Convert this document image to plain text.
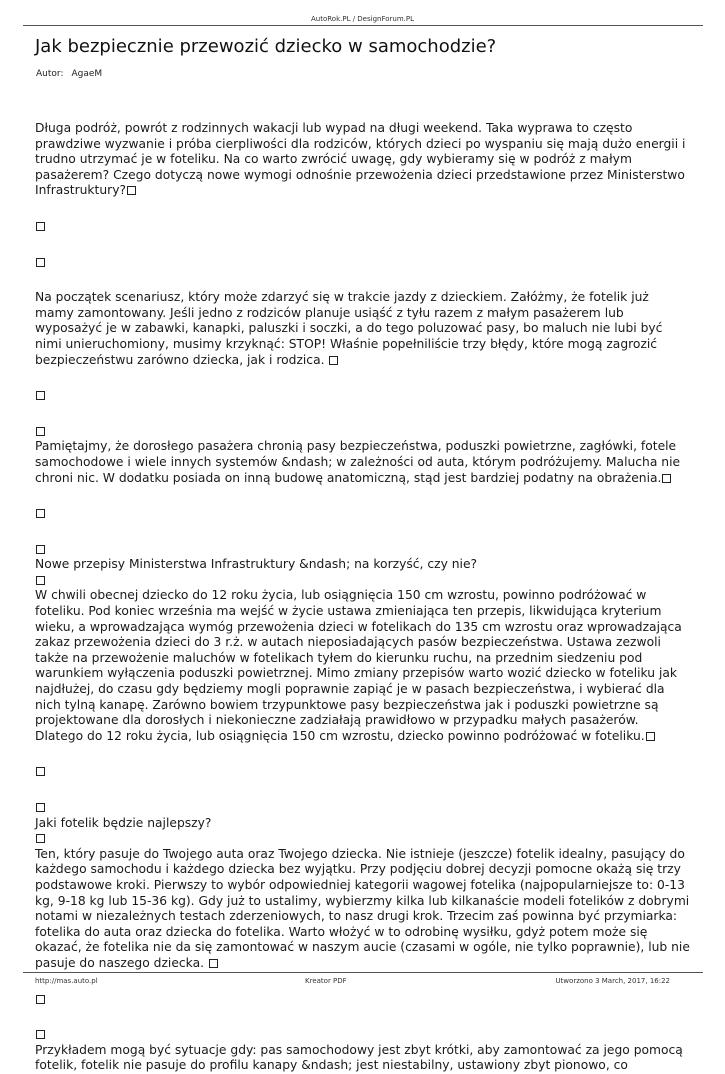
AutoRok.PL / DesignForum.PL
Jak bezpiecznie przewozić dziecko w samochodzie?
Autor: AgaeM

Długa podróż, powrót z rodzinnych wakacji lub wypad na długi weekend. Taka wyprawa to często prawdziwe wyzwanie i próba cierpliwości dla rodziców, których dzieci po wyspaniu się mają dużo energii i trudno utrzymać je w foteliku. Na co warto zwrócić uwagę, gdy wybieramy się w podróż z małym pasażerem? Czego dotyczą nowe wymogi odnośnie przewożenia dzieci przedstawione przez Ministerstwo Infrastruktury?

Na początek scenariusz, który może zdarzyć się w trakcie jazdy z dzieckiem. Załóżmy, że fotelik już mamy zamontowany. Jeśli jedno z rodziców planuje usiąść z tyłu razem z małym pasażerem lub wyposażyć je w zabawki, kanapki, paluszki i soczki, a do tego poluzować pasy, bo maluch nie lubi być nimi unieruchomiony, musimy krzyknąć: STOP! Właśnie popełniliście trzy błędy, które mogą zagrozić bezpieczeństwu zarówno dziecka, jak i rodzica.

Pamiętajmy, że dorosłego pasażera chronią pasy bezpieczeństwa, poduszki powietrzne, zagłówki, fotele samochodowe i wiele innych systemów &ndash; w zależności od auta, którym podróżujemy. Malucha nie chroni nic. W dodatku posiada on inną budowę anatomiczną, stąd jest bardziej podatny na obrażenia.

Nowe przepisy Ministerstwa Infrastruktury &ndash; na korzyść, czy nie?

W chwili obecnej dziecko do 12 roku życia, lub osiągnięcia 150 cm wzrostu, powinno podróżować w foteliku. Pod koniec września ma wejść w życie ustawa zmieniająca ten przepis, likwidująca kryterium wieku, a wprowadzająca wymóg przewożenia dzieci w fotelikach do 135 cm wzrostu oraz wprowadzająca zakaz przewożenia dzieci do 3 r.ż. w autach nieposiadających pasów bezpieczeństwa. Ustawa zezwoli także na przewożenie maluchów w fotelikach tyłem do kierunku ruchu, na przednim siedzeniu pod warunkiem wyłączenia poduszki powietrznej. Mimo zmiany przepisów warto wozić dziecko w foteliku jak najdłużej, do czasu gdy będziemy mogli poprawnie zapiąć je w pasach bezpieczeństwa, i wybierać dla nich tylną kanapę. Zarówno bowiem trzypunktowe pasy bezpieczeństwa jak i poduszki powietrzne są projektowane dla dorosłych i niekonieczne zadziałają prawidłowo w przypadku małych pasażerów. Dlatego do 12 roku życia, lub osiągnięcia 150 cm wzrostu, dziecko powinno podróżować w foteliku.

Jaki fotelik będzie najlepszy?

Ten, który pasuje do Twojego auta oraz Twojego dziecka. Nie istnieje (jeszcze) fotelik idealny, pasujący do każdego samochodu i każdego dziecka bez wyjątku. Przy podjęciu dobrej decyzji pomocne okażą się trzy podstawowe kroki. Pierwszy to wybór odpowiedniej kategorii wagowej fotelika (najpopularniejsze to: 0-13 kg, 9-18 kg lub 15-36 kg). Gdy już to ustalimy, wybierzmy kilka lub kilkanaście modeli fotelików z dobrymi notami w niezależnych testach zderzeniowych, to nasz drugi krok. Trzecim zaś powinna być przymiarka: fotelika do auta oraz dziecka do fotelika. Warto włożyć w to odrobinę wysiłku, gdyż potem może się okazać, że fotelika nie da się zamontować w naszym aucie (czasami w ogóle, nie tylko poprawnie), lub nie pasuje do naszego dziecka.

Przykładem mogą być sytuacje gdy: pas samochodowy jest zbyt krótki, aby zamontować za jego pomocą fotelik, fotelik nie pasuje do profilu kanapy &ndash; jest niestabilny, ustawiony zbyt pionowo, co

http://mas.auto.pl	Kreator PDF	Utworzono 3 March, 2017, 16:22
